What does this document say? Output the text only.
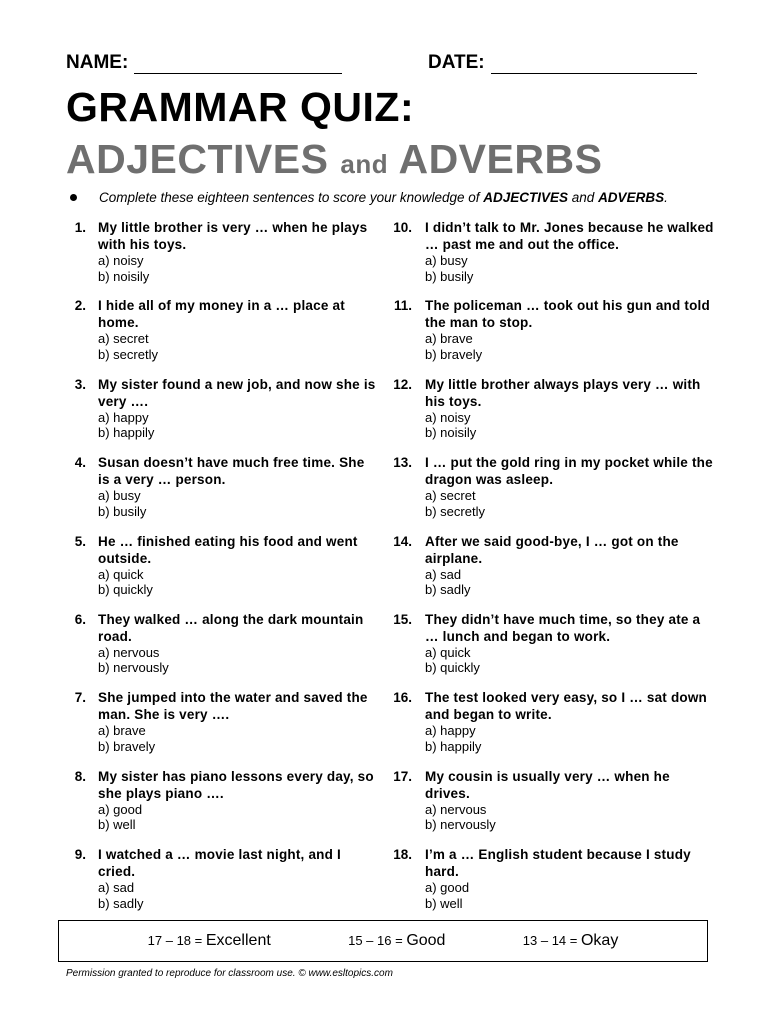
NAME:	DATE:
GRAMMAR QUIZ:
ADJECTIVES and ADVERBS
Complete these eighteen sentences to score your knowledge of ADJECTIVES and ADVERBS.
1. My little brother is very … when he plays with his toys.
a) noisy
b) noisily
2. I hide all of my money in a … place at home.
a) secret
b) secretly
3. My sister found a new job, and now she is very ….
a) happy
b) happily
4. Susan doesn’t have much free time. She is a very … person.
a) busy
b) busily
5. He … finished eating his food and went outside.
a) quick
b) quickly
6. They walked … along the dark mountain road.
a) nervous
b) nervously
7. She jumped into the water and saved the man. She is very ….
a) brave
b) bravely
8. My sister has piano lessons every day, so she plays piano ….
a) good
b) well
9. I watched a … movie last night, and I cried.
a) sad
b) sadly
10. I didn’t talk to Mr. Jones because he walked … past me and out the office.
a) busy
b) busily
11. The policeman … took out his gun and told the man to stop.
a) brave
b) bravely
12. My little brother always plays very … with his toys.
a) noisy
b) noisily
13. I … put the gold ring in my pocket while the dragon was asleep.
a) secret
b) secretly
14. After we said good-bye, I … got on the airplane.
a) sad
b) sadly
15. They didn’t have much time, so they ate a … lunch and began to work.
a) quick
b) quickly
16. The test looked very easy, so I … sat down and began to write.
a) happy
b) happily
17. My cousin is usually very … when he drives.
a) nervous
b) nervously
18. I’m a … English student because I study hard.
a) good
b) well
17 – 18 = Excellent	15 – 16 = Good	13 – 14 = Okay
Permission granted to reproduce for classroom use. © www.esltopics.com
